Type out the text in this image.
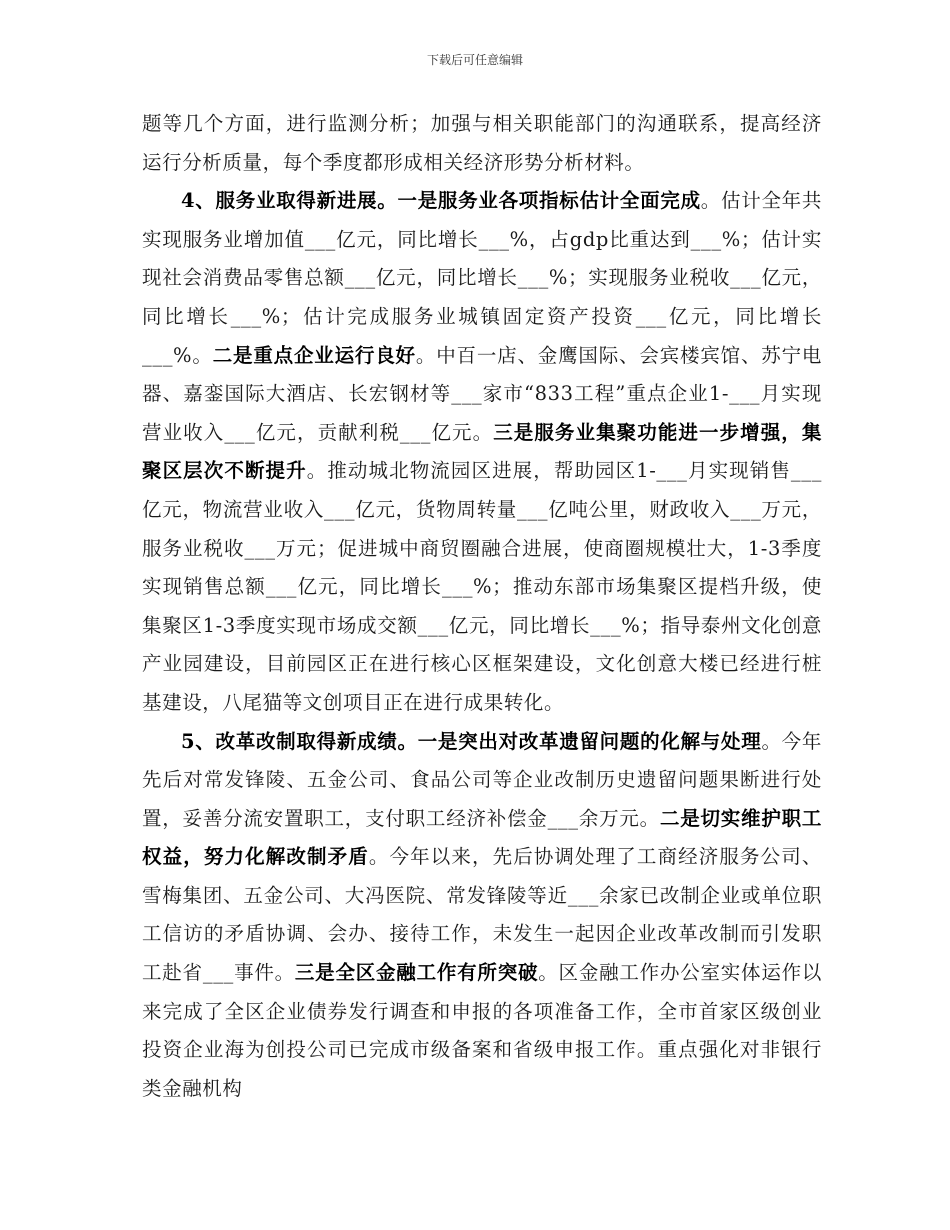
下载后可任意编辑

题等几个方面，进行监测分析；加强与相关职能部门的沟通联系，提高经济运行分析质量，每个季度都形成相关经济形势分析材料。

4、服务业取得新进展。一是服务业各项指标估计全面完成。估计全年共实现服务业增加值___亿元，同比增长___%，占gdp比重达到___%；估计实现社会消费品零售总额___亿元，同比增长___%；实现服务业税收___亿元，同比增长___%；估计完成服务业城镇固定资产投资___亿元，同比增长___%。二是重点企业运行良好。中百一店、金鹰国际、会宾楼宾馆、苏宁电器、嘉銮国际大酒店、长宏钢材等___家市“833工程”重点企业1-___月实现营业收入___亿元，贡献利税___亿元。三是服务业集聚功能进一步增强，集聚区层次不断提升。推动城北物流园区进展，帮助园区1-___月实现销售___亿元，物流营业收入___亿元，货物周转量___亿吨公里，财政收入___万元，服务业税收___万元；促进城中商贸圈融合进展，使商圈规模壮大，1-3季度实现销售总额___亿元，同比增长___%；推动东部市场集聚区提档升级，使集聚区1-3季度实现市场成交额___亿元，同比增长___%；指导泰州文化创意产业园建设，目前园区正在进行核心区框架建设，文化创意大楼已经进行桩基建设，八尾猫等文创项目正在进行成果转化。

5、改革改制取得新成绩。一是突出对改革遗留问题的化解与处理。今年先后对常发锋陵、五金公司、食品公司等企业改制历史遗留问题果断进行处置，妥善分流安置职工，支付职工经济补偿金___余万元。二是切实维护职工权益，努力化解改制矛盾。今年以来，先后协调处理了工商经济服务公司、雪梅集团、五金公司、大冯医院、常发锋陵等近___余家已改制企业或单位职工信访的矛盾协调、会办、接待工作，未发生一起因企业改革改制而引发职工赴省___事件。三是全区金融工作有所突破。区金融工作办公室实体运作以来完成了全区企业债券发行调查和申报的各项准备工作，全市首家区级创业投资企业海为创投公司已完成市级备案和省级申报工作。重点强化对非银行类金融机构
